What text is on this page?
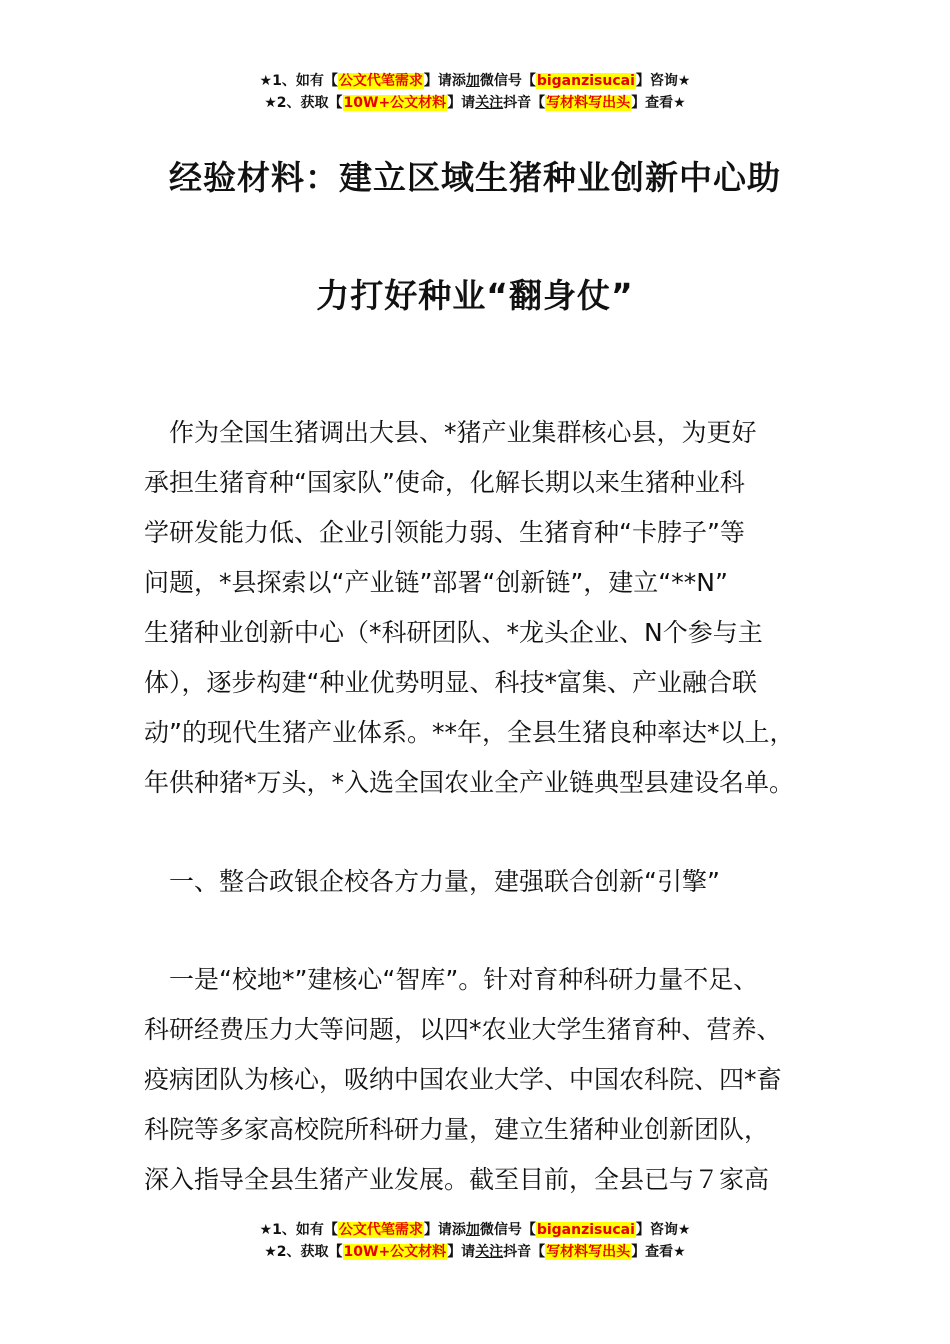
★1、如有【公文代笔需求】请添加微信号【biganzisucai】咨询★
★2、获取【10W+公文材料】请关注抖音【写材料写出头】查看★
经验材料：建立区域生猪种业创新中心助
力打好种业“翻身仗”

　作为全国生猪调出大县、*猪产业集群核心县，为更好

承担生猪育种“国家队”使命，化解长期以来生猪种业科

学研发能力低、企业引领能力弱、生猪育种“卡脖子”等

问题，*县探索以“产业链”部署“创新链”，建立“**N”

生猪种业创新中心（*科研团队、*龙头企业、N个参与主

体），逐步构建“种业优势明显、科技*富集、产业融合联

动”的现代生猪产业体系。**年，全县生猪良种率达*以上，

年供种猪*万头，*入选全国农业全产业链典型县建设名单。

　一、整合政银企校各方力量，建强联合创新“引擎”

　一是“校地*”建核心“智库”。针对育种科研力量不足、

科研经费压力大等问题，以四*农业大学生猪育种、营养、

疫病团队为核心，吸纳中国农业大学、中国农科院、四*畜

科院等多家高校院所科研力量，建立生猪种业创新团队，

深入指导全县生猪产业发展。截至目前，全县已与７家高

★1、如有【公文代笔需求】请添加微信号【biganzisucai】咨询★
★2、获取【10W+公文材料】请关注抖音【写材料写出头】查看★
